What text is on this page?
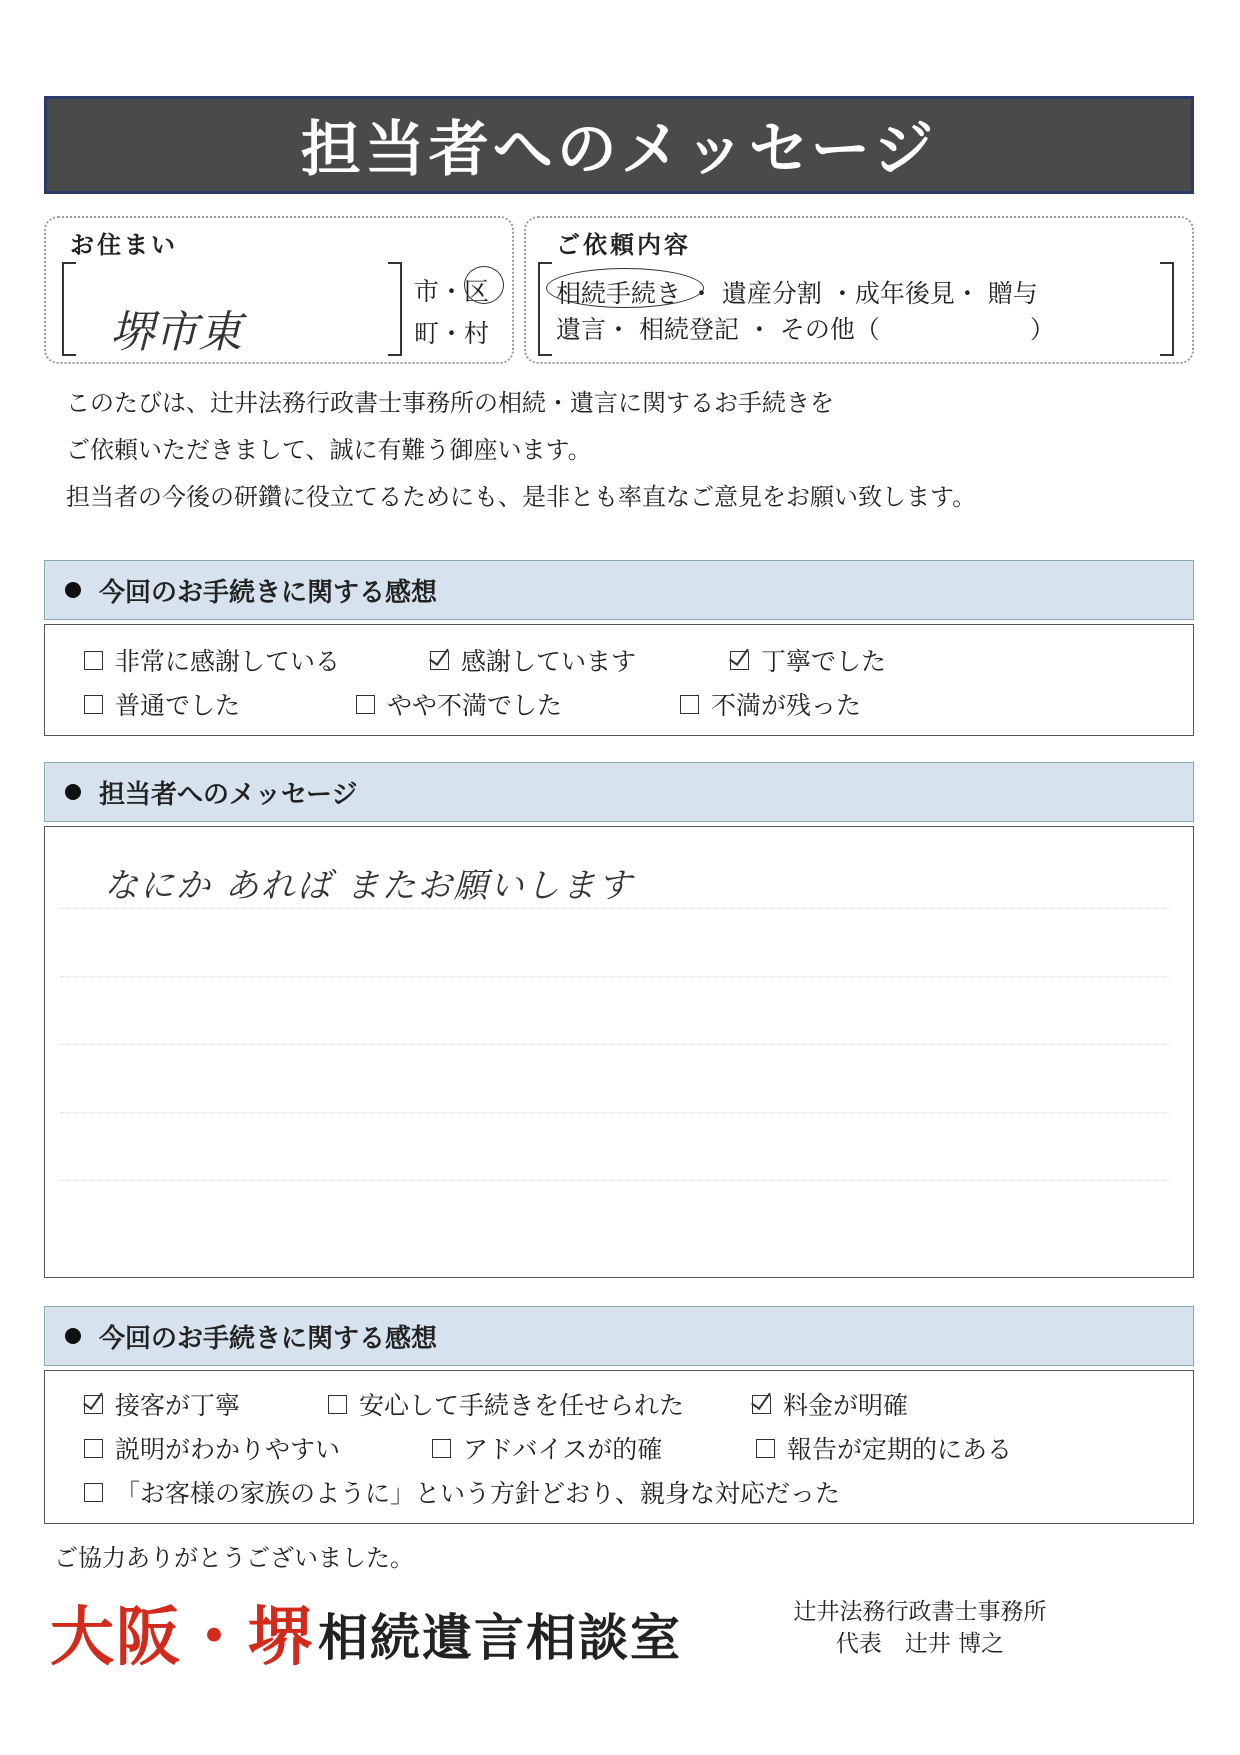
担当者へのメッセージ
お住まい
堺市東
市・区
町・村
ご依頼内容
相続手続き ・ 遺産分割 ・成年後見・ 贈与
遺言・ 相続登記 ・ その他（　　　　　　）
このたびは、辻井法務行政書士事務所の相続・遺言に関するお手続きを
ご依頼いただきまして、誠に有難う御座います。
担当者の今後の研鑽に役立てるためにも、是非とも率直なご意見をお願い致します。
今回のお手続きに関する感想
非常に感謝している	感謝しています	丁寧でした
普通でした	やや不満でした	不満が残った
担当者へのメッセージ
なにか あれば またお願いします
今回のお手続きに関する感想
接客が丁寧	安心して手続きを任せられた	料金が明確
説明がわかりやすい	アドバイスが的確	報告が定期的にある
「お客様の家族のように」という方針どおり、親身な対応だった
ご協力ありがとうございました。
大阪・堺 相続遺言相談室	辻井法務行政書士事務所
代表　辻井 博之
